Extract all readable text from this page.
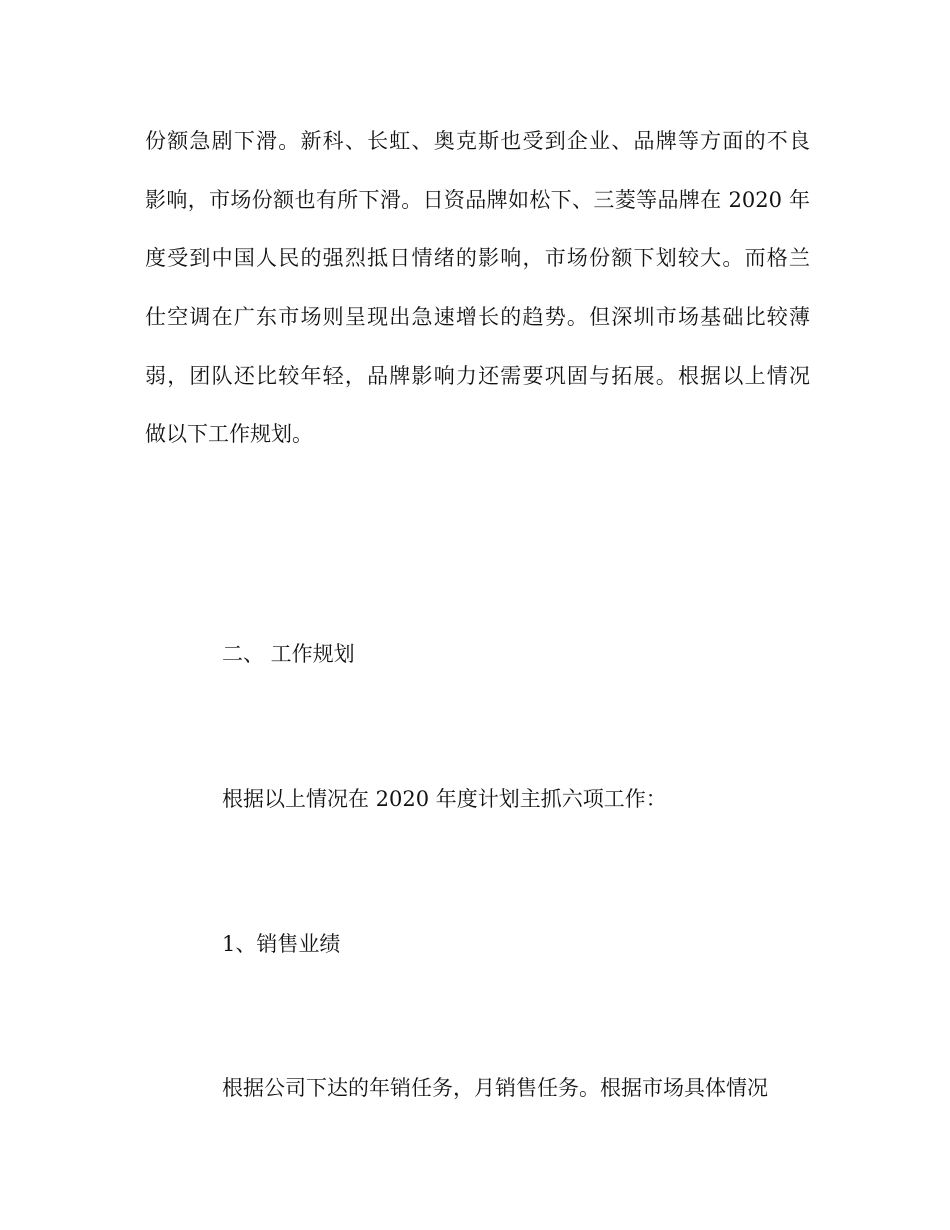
份额急剧下滑。新科、长虹、奥克斯也受到企业、品牌等方面的不良
影响，市场份额也有所下滑。日资品牌如松下、三菱等品牌在 2020 年
度受到中国人民的强烈抵日情绪的影响，市场份额下划较大。而格兰
仕空调在广东市场则呈现出急速增长的趋势。但深圳市场基础比较薄
弱，团队还比较年轻，品牌影响力还需要巩固与拓展。根据以上情况
做以下工作规划。

二、 工作规划

根据以上情况在 2020 年度计划主抓六项工作：

1、销售业绩

根据公司下达的年销任务，月销售任务。根据市场具体情况
